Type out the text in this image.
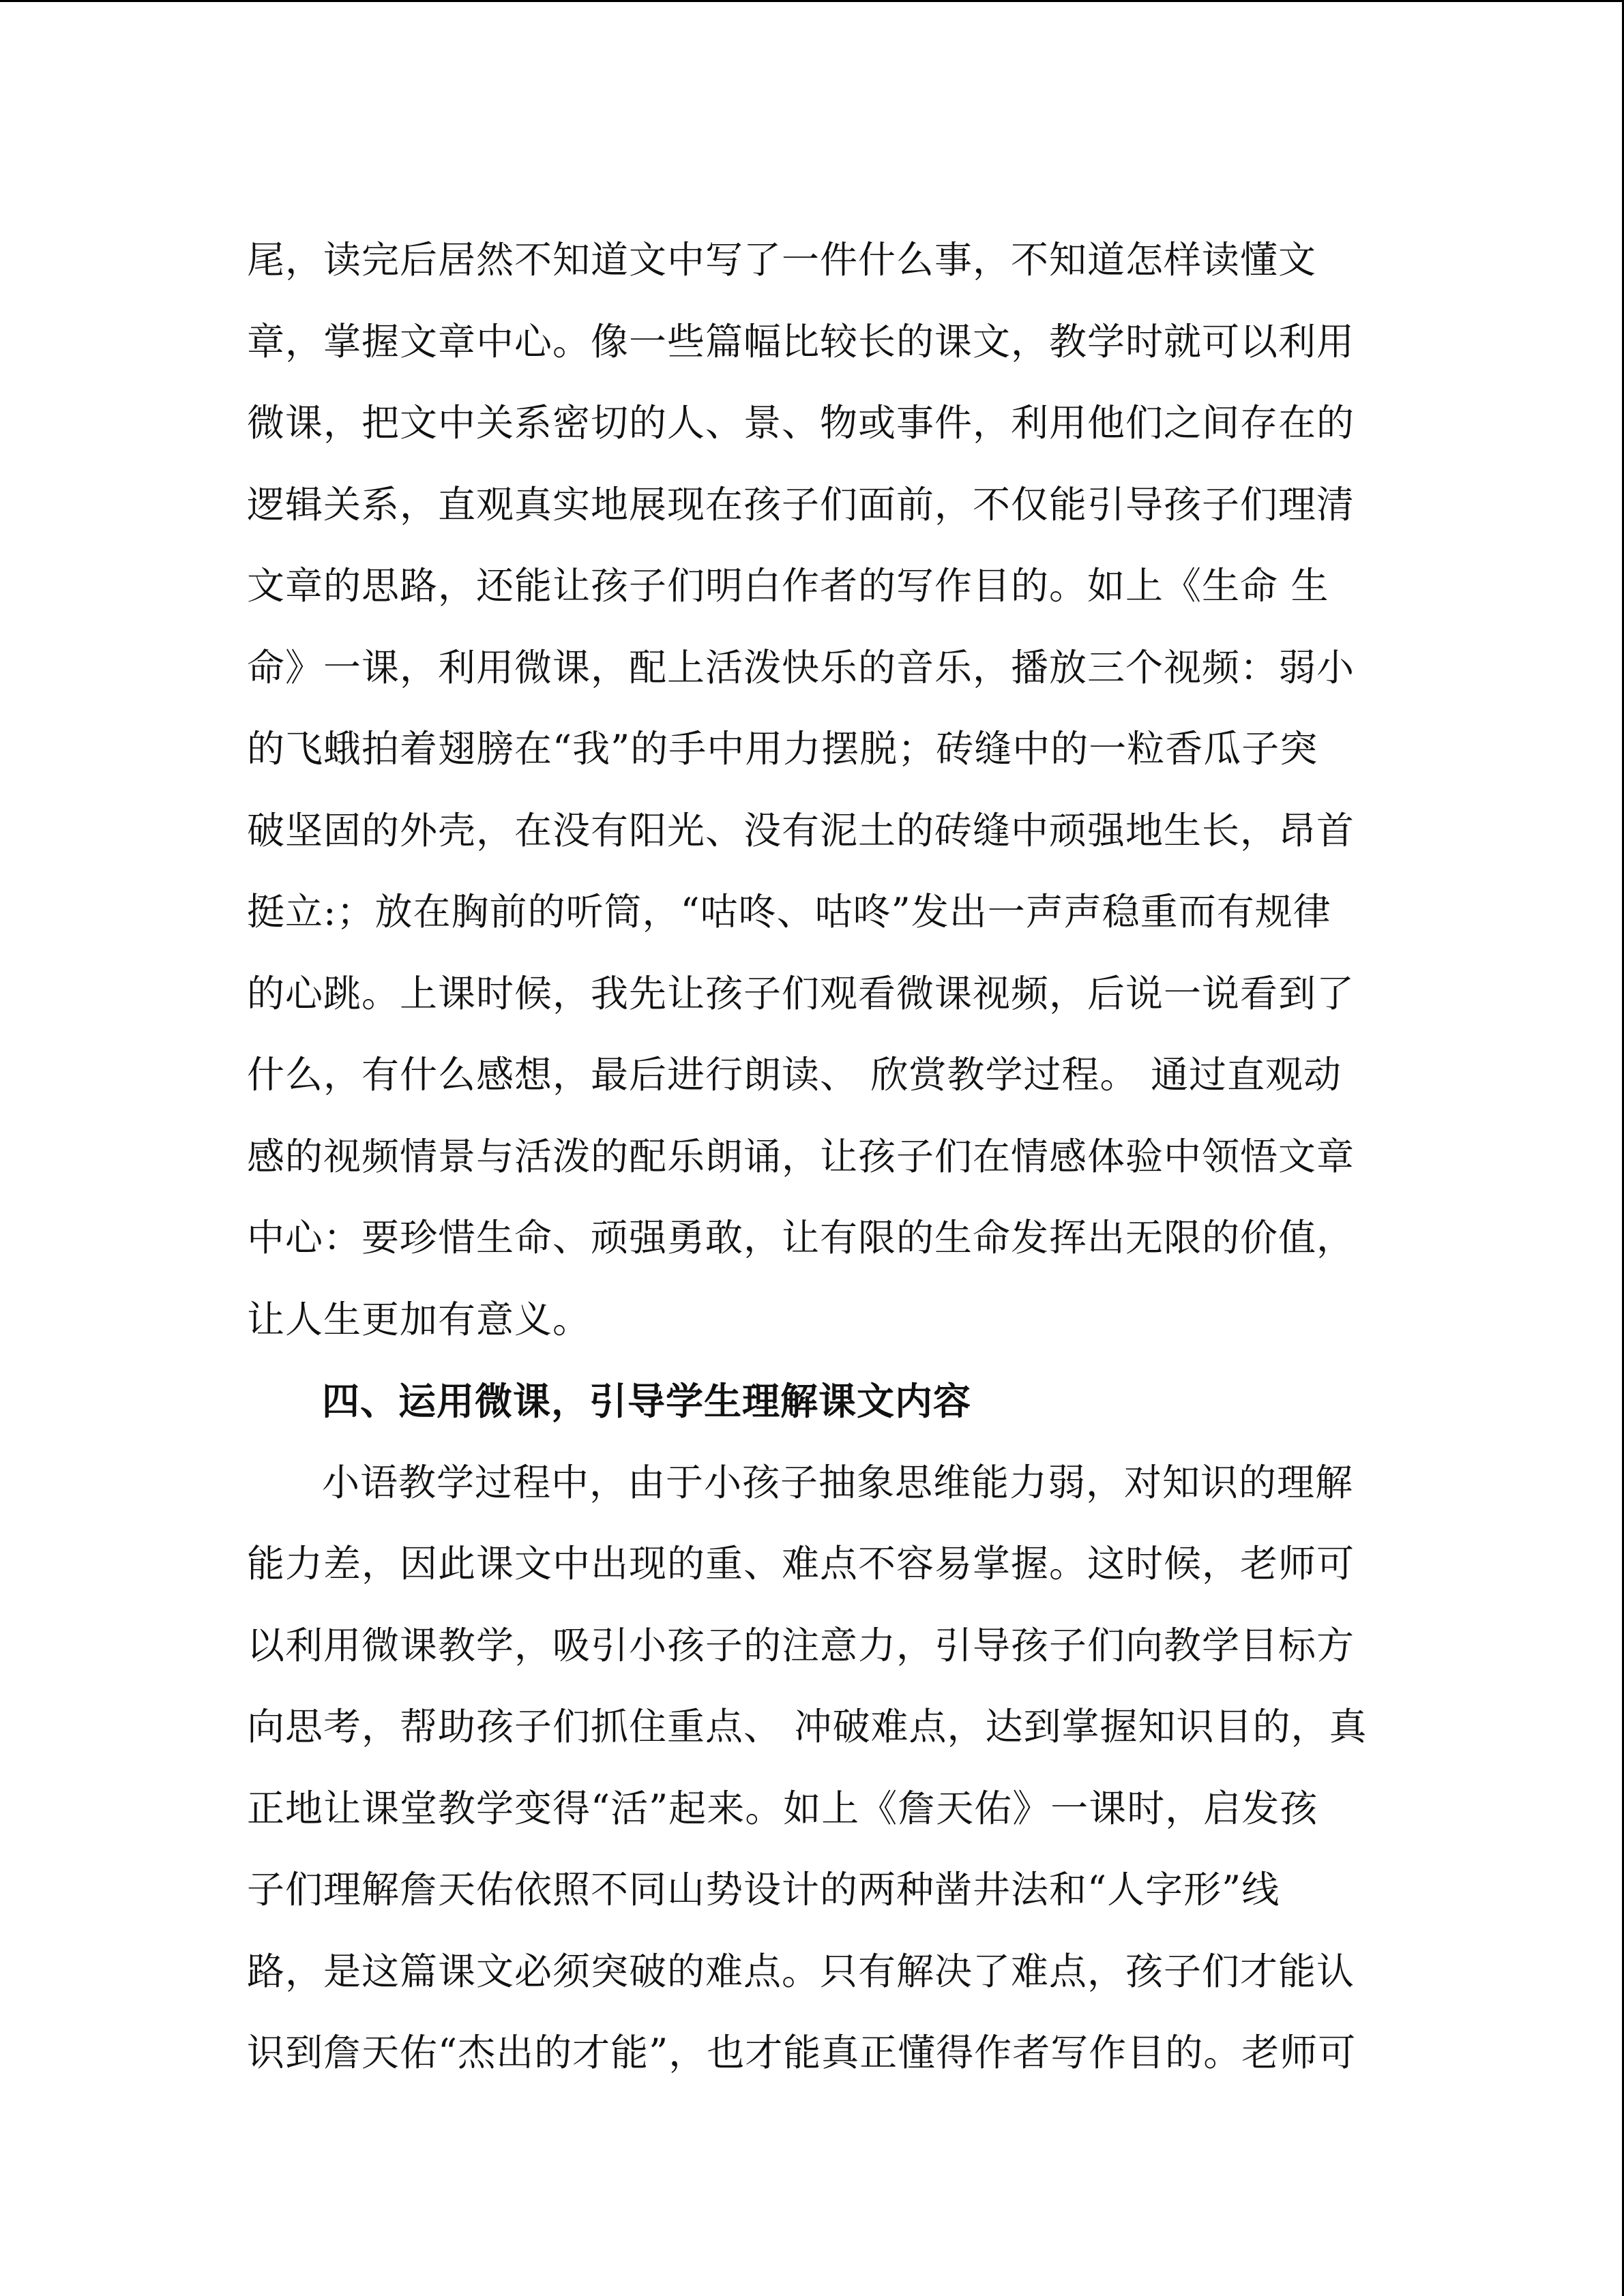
尾，读完后居然不知道文中写了一件什么事，不知道怎样读懂文
章，掌握文章中心。像一些篇幅比较长的课文，教学时就可以利用
微课，把文中关系密切的人、景、物或事件，利用他们之间存在的
逻辑关系，直观真实地展现在孩子们面前，不仅能引导孩子们理清
文章的思路，还能让孩子们明白作者的写作目的。如上《生命 生
命》一课，利用微课，配上活泼快乐的音乐，播放三个视频：弱小
的飞蛾拍着翅膀在“我”的手中用力摆脱；砖缝中的一粒香瓜子突
破坚固的外壳，在没有阳光、没有泥土的砖缝中顽强地生长，昂首
挺立:；放在胸前的听筒，“咕咚、咕咚”发出一声声稳重而有规律
的心跳。上课时候，我先让孩子们观看微课视频，后说一说看到了
什么，有什么感想，最后进行朗读、 欣赏教学过程。 通过直观动
感的视频情景与活泼的配乐朗诵，让孩子们在情感体验中领悟文章
中心：要珍惜生命、顽强勇敢，让有限的生命发挥出无限的价值，
让人生更加有意义。
四、运用微课，引导学生理解课文内容
小语教学过程中，由于小孩子抽象思维能力弱，对知识的理解
能力差，因此课文中出现的重、难点不容易掌握。这时候，老师可
以利用微课教学，吸引小孩子的注意力，引导孩子们向教学目标方
向思考，帮助孩子们抓住重点、 冲破难点，达到掌握知识目的，真
正地让课堂教学变得“活”起来。如上《詹天佑》一课时，启发孩
子们理解詹天佑依照不同山势设计的两种凿井法和“人字形”线
路，是这篇课文必须突破的难点。只有解决了难点，孩子们才能认
识到詹天佑“杰出的才能”，也才能真正懂得作者写作目的。老师可
